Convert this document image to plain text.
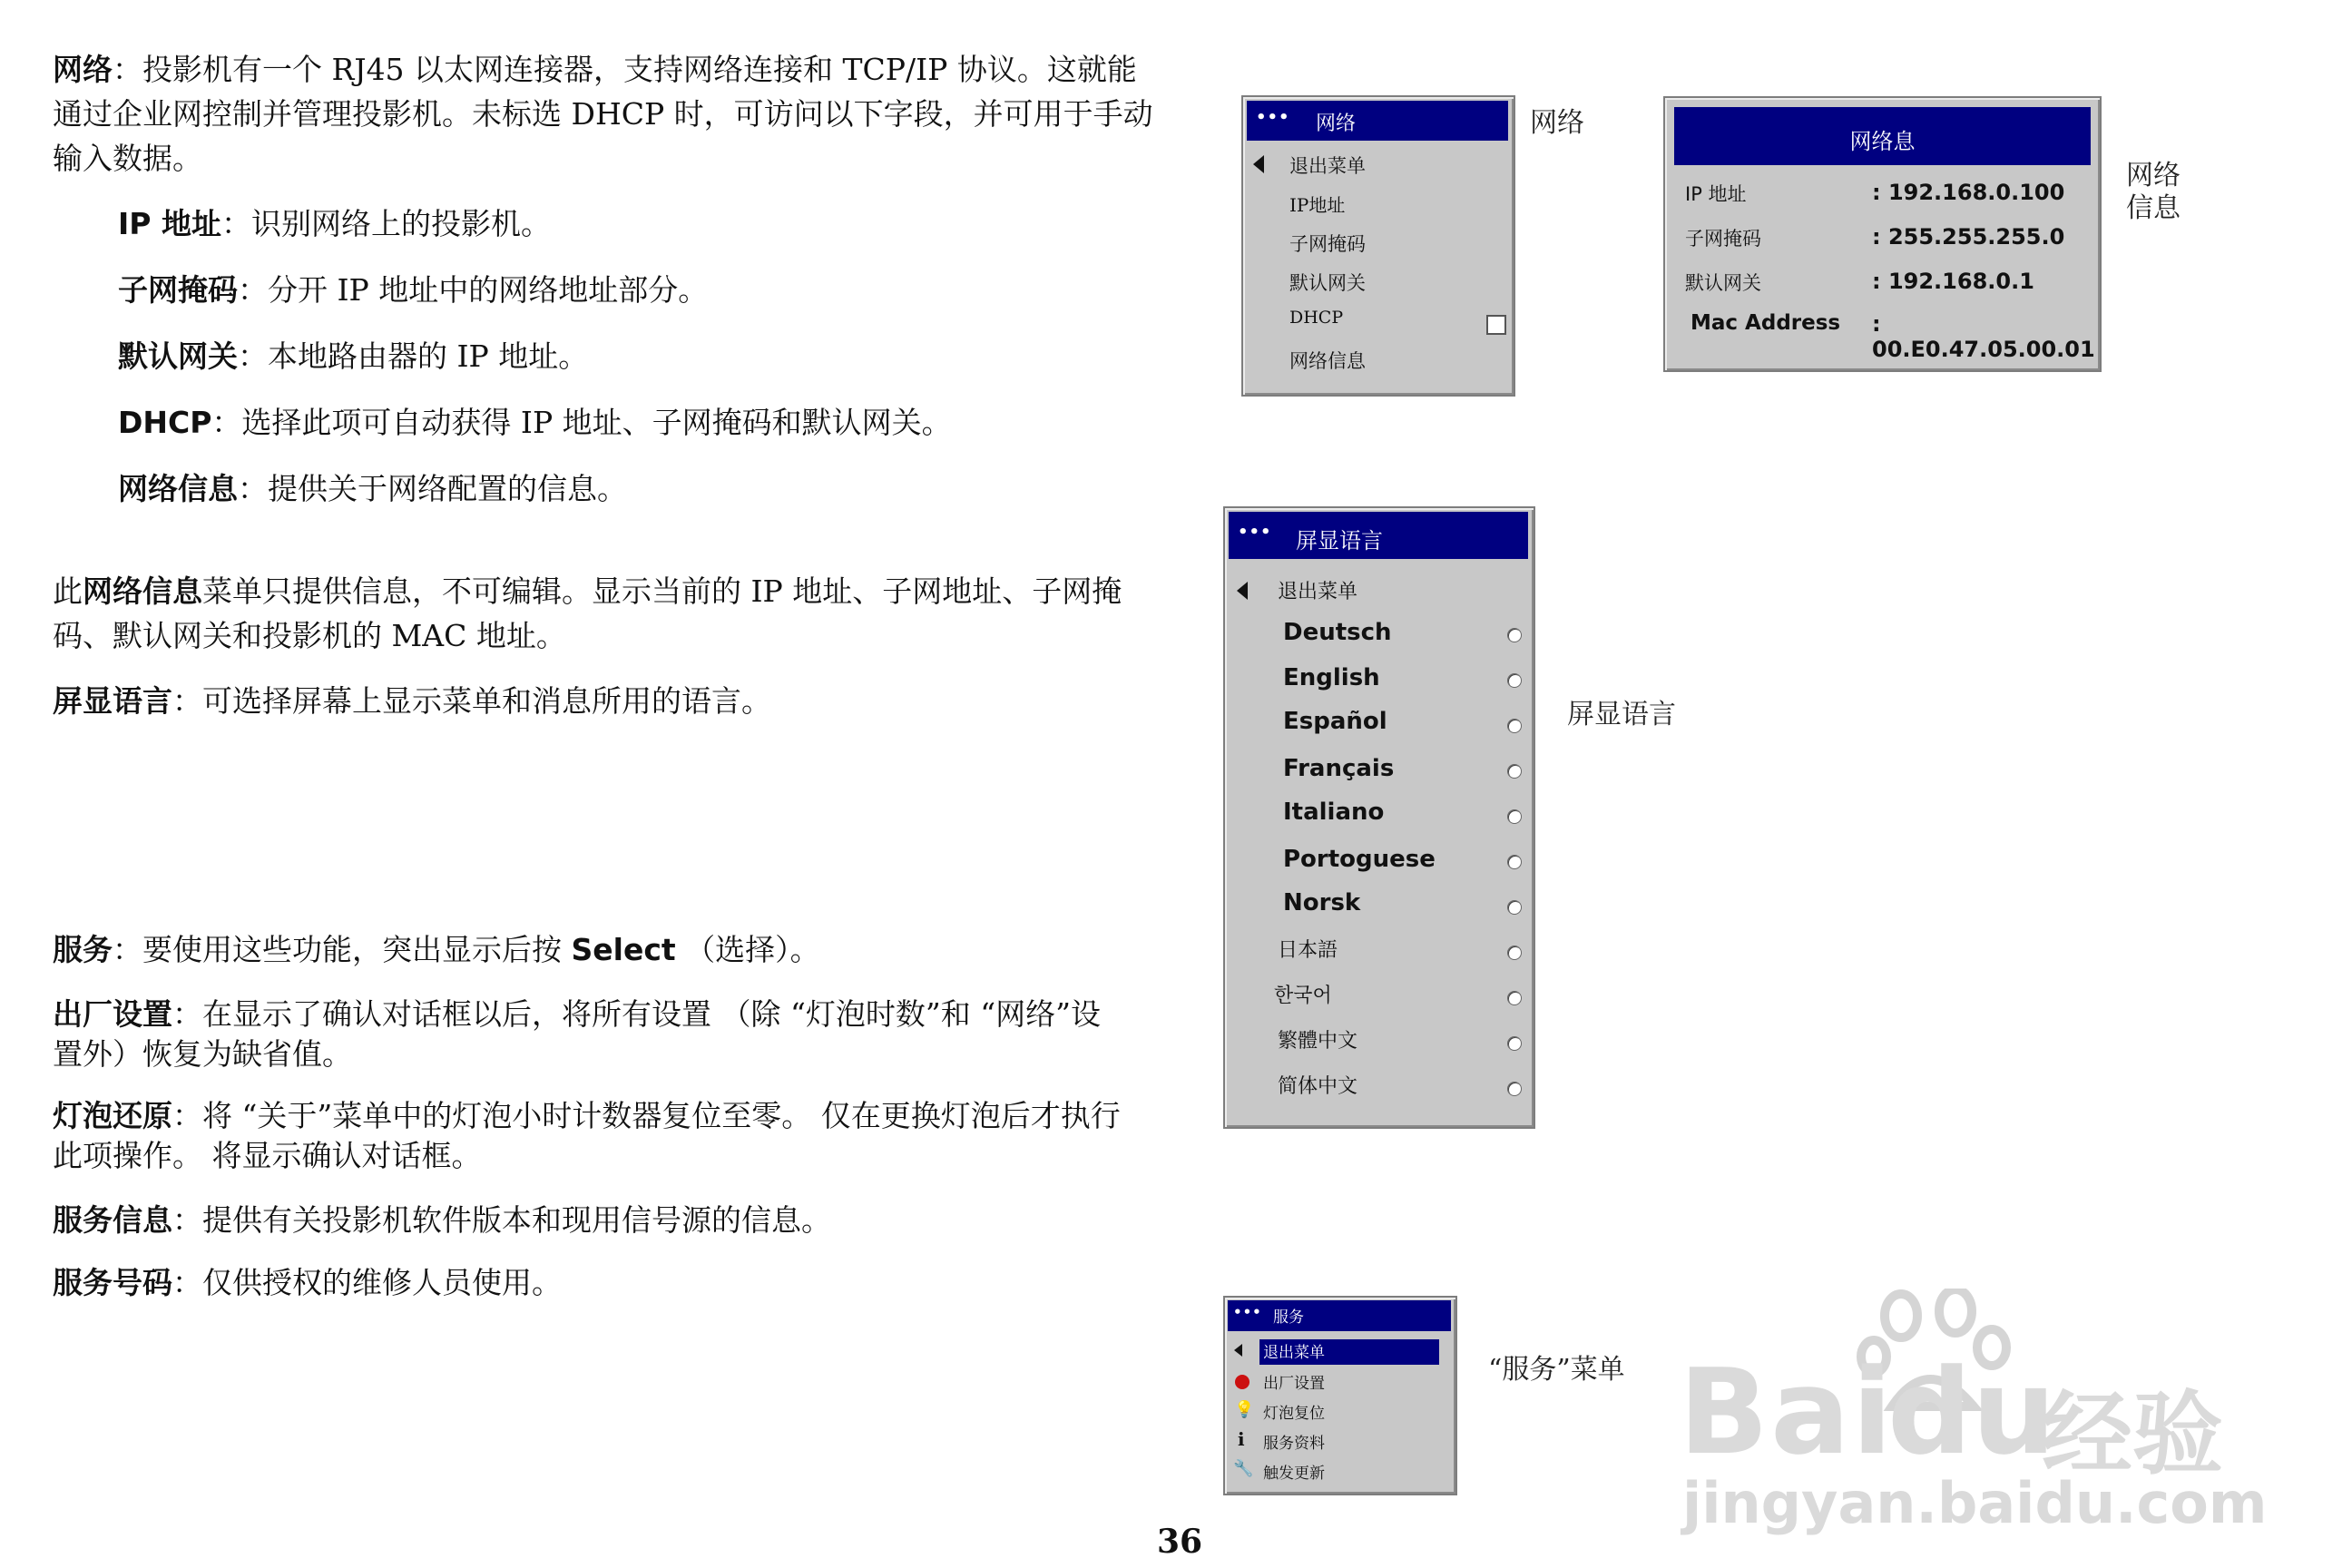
网络：投影机有一个 RJ45 以太网连接器，支持网络连接和 TCP/IP 协议。这就能通过企业网控制并管理投影机。未标选 DHCP 时，可访问以下字段，并可用于手动输入数据。
IP 地址：识别网络上的投影机。
子网掩码：分开 IP 地址中的网络地址部分。
默认网关：本地路由器的 IP 地址。
DHCP：选择此项可自动获得 IP 地址、子网掩码和默认网关。
网络信息：提供关于网络配置的信息。
此网络信息菜单只提供信息，不可编辑。显示当前的 IP 地址、子网地址、子网掩码、默认网关和投影机的 MAC 地址。
屏显语言：可选择屏幕上显示菜单和消息所用的语言。
服务：要使用这些功能，突出显示后按 Select （选择）。
出厂设置：在显示了确认对话框以后，将所有设置 （除 “灯泡时数”和 “网络”设置外）恢复为缺省值。
灯泡还原：将 “关于”菜单中的灯泡小时计数器复位至零。 仅在更换灯泡后才执行此项操作。 将显示确认对话框。
服务信息：提供有关投影机软件版本和现用信号源的信息。
服务号码：仅供授权的维修人员使用。
••• 网络
退出菜单
IP地址
子网掩码
默认网关
DHCP
网络信息
网络
网络息
IP 地址	: 192.168.0.100
子网掩码	: 255.255.255.0
默认网关	: 192.168.0.1
Mac Address : 00.E0.47.05.00.01
网络
信息
••• 屏显语言
退出菜单
Deutsch
English
Español
Français
Italiano
Portoguese
Norsk
日本語
한국어
繁體中文
简体中文
屏显语言
••• 服务
退出菜单
出厂设置
💡 灯泡复位
i 服务资料
🔧 触发更新
“服务”菜单 Bai
du
经验
jingyan.baidu.com
36
